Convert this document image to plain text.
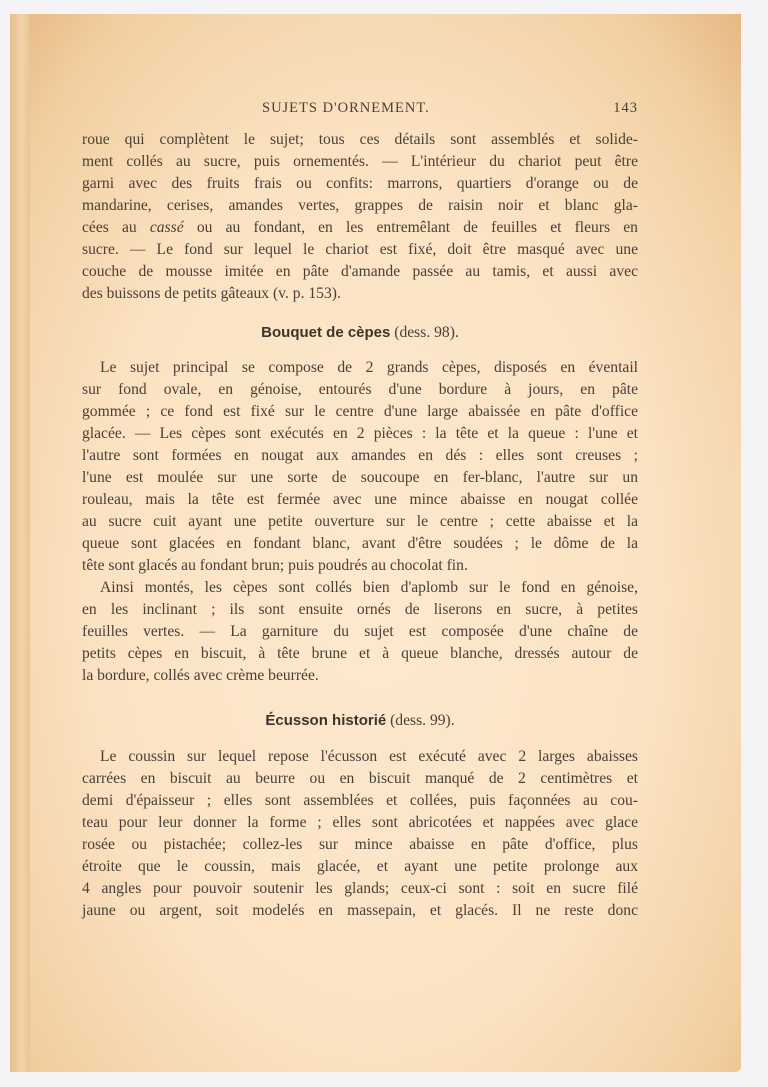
SUJETS D'ORNEMENT.	143
roue qui complètent le sujet; tous ces détails sont assemblés et solide-
ment collés au sucre, puis ornementés. — L'intérieur du chariot peut être
garni avec des fruits frais ou confits: marrons, quartiers d'orange ou de
mandarine, cerises, amandes vertes, grappes de raisin noir et blanc gla-
cées au cassé ou au fondant, en les entremêlant de feuilles et fleurs en
sucre. — Le fond sur lequel le chariot est fixé, doit être masqué avec une
couche de mousse imitée en pâte d'amande passée au tamis, et aussi avec
des buissons de petits gâteaux (v. p. 153).
Bouquet de cèpes (dess. 98).
Le sujet principal se compose de 2 grands cèpes, disposés en éventail
sur fond ovale, en génoise, entourés d'une bordure à jours, en pâte
gommée ; ce fond est fixé sur le centre d'une large abaissée en pâte d'office
glacée. — Les cèpes sont exécutés en 2 pièces : la tête et la queue : l'une et
l'autre sont formées en nougat aux amandes en dés : elles sont creuses ;
l'une est moulée sur une sorte de soucoupe en fer-blanc, l'autre sur un
rouleau, mais la tête est fermée avec une mince abaisse en nougat collée
au sucre cuit ayant une petite ouverture sur le centre ; cette abaisse et la
queue sont glacées en fondant blanc, avant d'être soudées ; le dôme de la
tête sont glacés au fondant brun; puis poudrés au chocolat fin.
Ainsi montés, les cèpes sont collés bien d'aplomb sur le fond en génoise,
en les inclinant ; ils sont ensuite ornés de liserons en sucre, à petites
feuilles vertes. — La garniture du sujet est composée d'une chaîne de
petits cèpes en biscuit, à tête brune et à queue blanche, dressés autour de
la bordure, collés avec crème beurrée.
Écusson historié (dess. 99).
Le coussin sur lequel repose l'écusson est exécuté avec 2 larges abaisses
carrées en biscuit au beurre ou en biscuit manqué de 2 centimètres et
demi d'épaisseur ; elles sont assemblées et collées, puis façonnées au cou-
teau pour leur donner la forme ; elles sont abricotées et nappées avec glace
rosée ou pistachée; collez-les sur mince abaisse en pâte d'office, plus
étroite que le coussin, mais glacée, et ayant une petite prolonge aux
4 angles pour pouvoir soutenir les glands; ceux-ci sont : soit en sucre filé
jaune ou argent, soit modelés en massepain, et glacés. Il ne reste donc
